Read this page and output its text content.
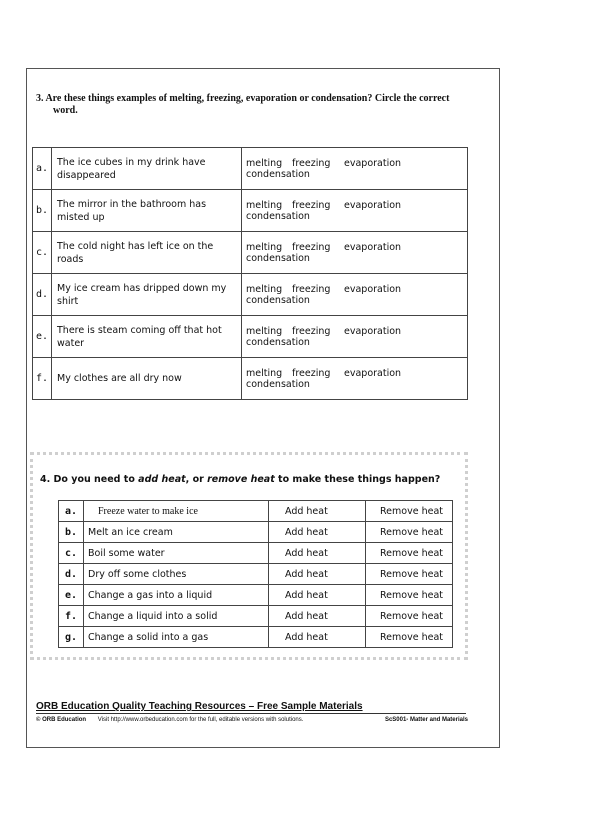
3. Are these things examples of melting, freezing, evaporation or condensation? Circle the correct
word.
a.	The ice cubes in my drink have disappeared	melting freezing evaporationcondensation
b.	The mirror in the bathroom has misted up	melting freezing evaporationcondensation
c.	The cold night has left ice on the roads	melting freezing evaporationcondensation
d.	My ice cream has dripped down my shirt	melting freezing evaporationcondensation
e.	There is steam coming off that hot water	melting freezing evaporationcondensation
f.	My clothes are all dry now	melting freezing evaporationcondensation
4. Do you need to add heat, or remove heat to make these things happen?
a.	Freeze water to make ice	Add heat	Remove heat
b.	Melt an ice cream	Add heat	Remove heat
c.	Boil some water	Add heat	Remove heat
d.	Dry off some clothes	Add heat	Remove heat
e.	Change a gas into a liquid	Add heat	Remove heat
f.	Change a liquid into a solid	Add heat	Remove heat
g.	Change a solid into a gas	Add heat	Remove heat
ORB Education Quality Teaching Resources – Free Sample Materials
© ORB Education Visit http://www.orbeducation.com for the full, editable versions with solutions.	ScS001- Matter and Materials
